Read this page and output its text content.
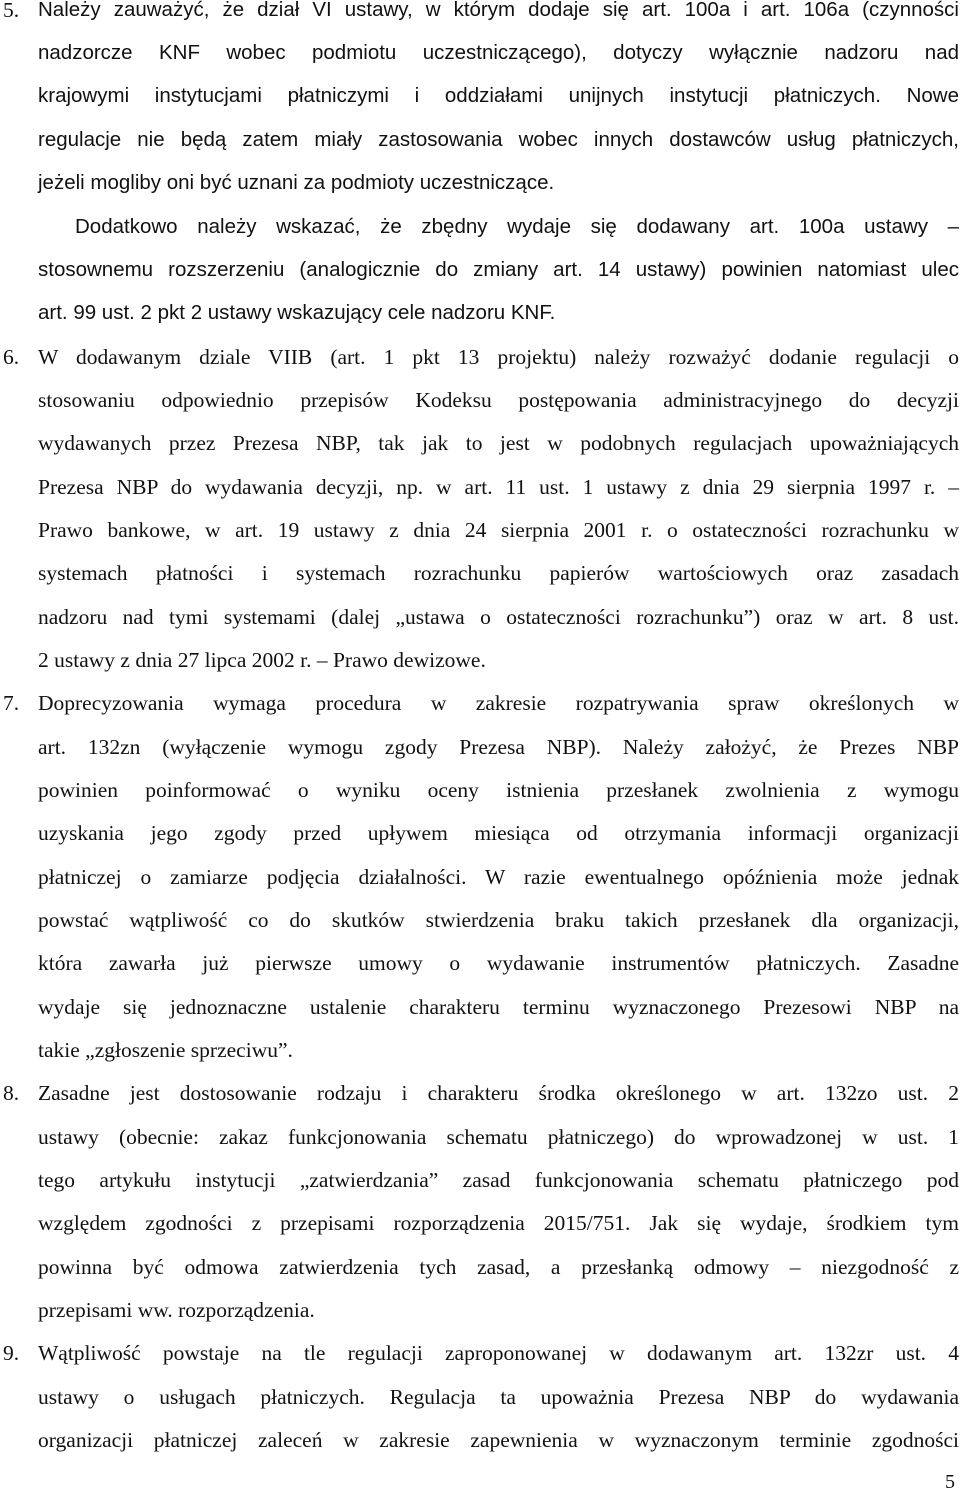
5. Należy zauważyć, że dział VI ustawy, w którym dodaje się art. 100a i art. 106a (czynności
nadzorcze KNF wobec podmiotu uczestniczącego), dotyczy wyłącznie nadzoru nad
krajowymi instytucjami płatniczymi i oddziałami unijnych instytucji płatniczych. Nowe
regulacje nie będą zatem miały zastosowania wobec innych dostawców usług płatniczych,
jeżeli mogliby oni być uznani za podmioty uczestniczące.
Dodatkowo należy wskazać, że zbędny wydaje się dodawany art. 100a ustawy –
stosownemu rozszerzeniu (analogicznie do zmiany art. 14 ustawy) powinien natomiast ulec
art. 99 ust. 2 pkt 2 ustawy wskazujący cele nadzoru KNF.
6. W dodawanym dziale VIIB (art. 1 pkt 13 projektu) należy rozważyć dodanie regulacji o
stosowaniu odpowiednio przepisów Kodeksu postępowania administracyjnego do decyzji
wydawanych przez Prezesa NBP, tak jak to jest w podobnych regulacjach upoważniających
Prezesa NBP do wydawania decyzji, np. w art. 11 ust. 1 ustawy z dnia 29 sierpnia 1997 r. –
Prawo bankowe, w art. 19 ustawy z dnia 24 sierpnia 2001 r. o ostateczności rozrachunku w
systemach płatności i systemach rozrachunku papierów wartościowych oraz zasadach
nadzoru nad tymi systemami (dalej „ustawa o ostateczności rozrachunku”) oraz w art. 8 ust.
2 ustawy z dnia 27 lipca 2002 r. – Prawo dewizowe.
7. Doprecyzowania wymaga procedura w zakresie rozpatrywania spraw określonych w
art. 132zn (wyłączenie wymogu zgody Prezesa NBP). Należy założyć, że Prezes NBP
powinien poinformować o wyniku oceny istnienia przesłanek zwolnienia z wymogu
uzyskania jego zgody przed upływem miesiąca od otrzymania informacji organizacji
płatniczej o zamiarze podjęcia działalności. W razie ewentualnego opóźnienia może jednak
powstać wątpliwość co do skutków stwierdzenia braku takich przesłanek dla organizacji,
która zawarła już pierwsze umowy o wydawanie instrumentów płatniczych. Zasadne
wydaje się jednoznaczne ustalenie charakteru terminu wyznaczonego Prezesowi NBP na
takie „zgłoszenie sprzeciwu”.
8. Zasadne jest dostosowanie rodzaju i charakteru środka określonego w art. 132zo ust. 2
ustawy (obecnie: zakaz funkcjonowania schematu płatniczego) do wprowadzonej w ust. 1
tego artykułu instytucji „zatwierdzania” zasad funkcjonowania schematu płatniczego pod
względem zgodności z przepisami rozporządzenia 2015/751. Jak się wydaje, środkiem tym
powinna być odmowa zatwierdzenia tych zasad, a przesłanką odmowy – niezgodność z
przepisami ww. rozporządzenia.
9. Wątpliwość powstaje na tle regulacji zaproponowanej w dodawanym art. 132zr ust. 4
ustawy o usługach płatniczych. Regulacja ta upoważnia Prezesa NBP do wydawania
organizacji płatniczej zaleceń w zakresie zapewnienia w wyznaczonym terminie zgodności
5
